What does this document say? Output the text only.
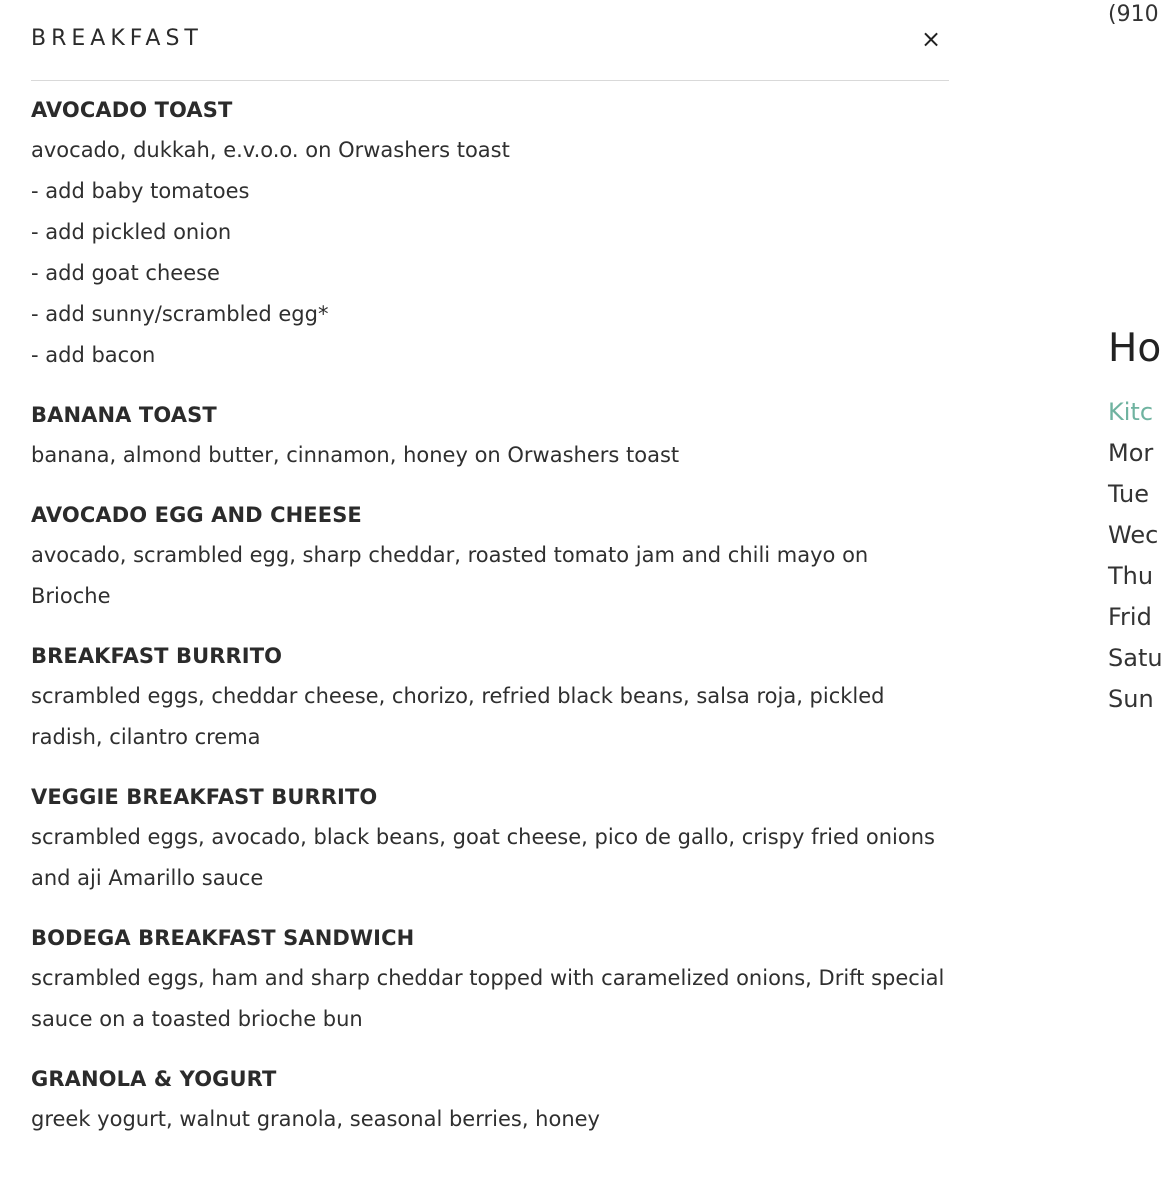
(910
Ho
Kitc
Mor
Tue
Wec
Thu
Frid
Satu
Sun
BREAKFAST	×
AVOCADO TOAST
avocado, dukkah, e.v.o.o. on Orwashers toast
- add baby tomatoes
- add pickled onion
- add goat cheese
- add sunny/scrambled egg*
- add bacon
BANANA TOAST
banana, almond butter, cinnamon, honey on Orwashers toast
AVOCADO EGG AND CHEESE
avocado, scrambled egg, sharp cheddar, roasted tomato jam and chili mayo on Brioche
BREAKFAST BURRITO
scrambled eggs, cheddar cheese, chorizo, refried black beans, salsa roja, pickled radish, cilantro crema
VEGGIE BREAKFAST BURRITO
scrambled eggs, avocado, black beans, goat cheese, pico de gallo, crispy fried onions and aji Amarillo sauce
BODEGA BREAKFAST SANDWICH
scrambled eggs, ham and sharp cheddar topped with caramelized onions, Drift special sauce on a toasted brioche bun
GRANOLA & YOGURT
greek yogurt, walnut granola, seasonal berries, honey
